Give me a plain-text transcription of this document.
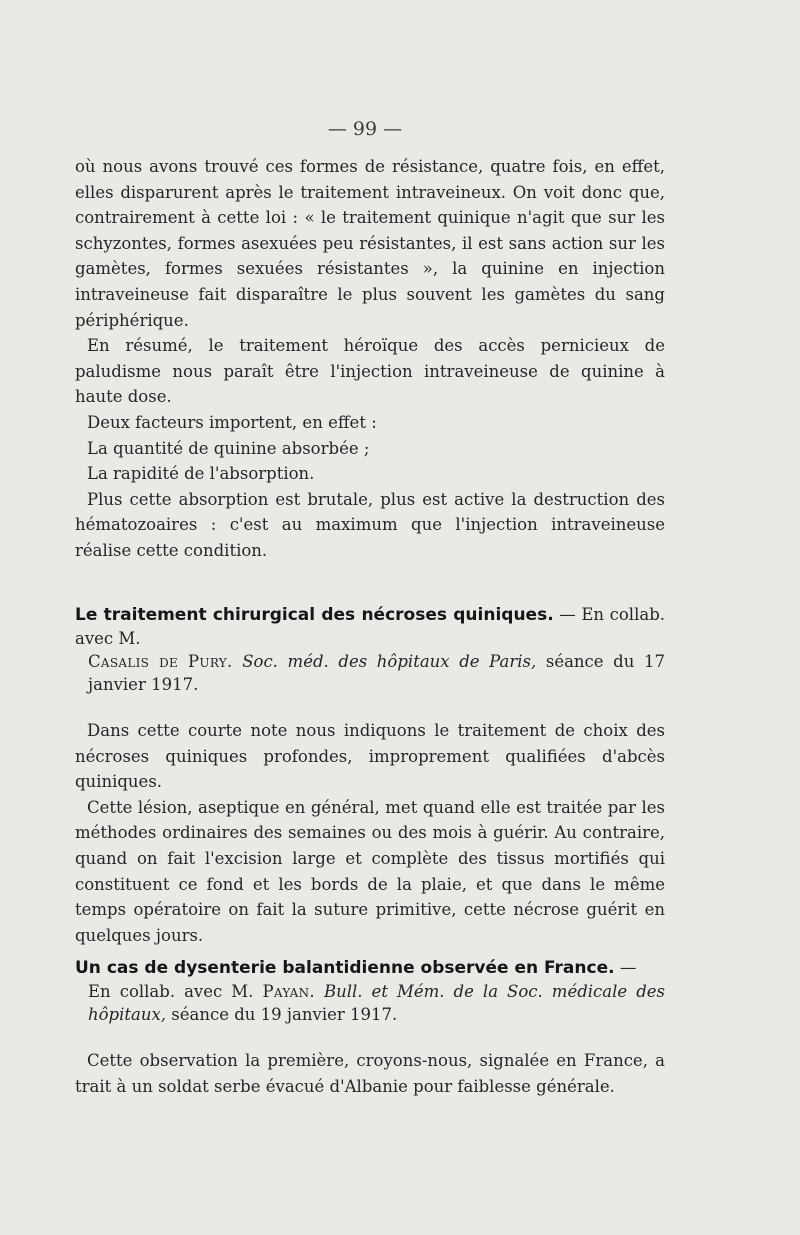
— 99 —

où nous avons trouvé ces formes de résistance, quatre fois, en effet, elles disparurent après le traitement intraveineux. On voit donc que, contrairement à cette loi : « le traitement quinique n'agit que sur les schyzontes, formes asexuées peu résistantes, il est sans action sur les gamètes, formes sexuées résistantes », la quinine en injection intraveineuse fait disparaître le plus souvent les gamètes du sang périphérique.

En résumé, le traitement héroïque des accès pernicieux de paludisme nous paraît être l'injection intraveineuse de quinine à haute dose.

Deux facteurs importent, en effet :

La quantité de quinine absorbée ;

La rapidité de l'absorption.

Plus cette absorption est brutale, plus est active la destruction des hématozoaires : c'est au maximum que l'injection intraveineuse réalise cette condition.

Le traitement chirurgical des nécroses quiniques. — En collab. avec M.
Casalis de Pury. Soc. méd. des hôpitaux de Paris, séance du 17 janvier 1917.

Dans cette courte note nous indiquons le traitement de choix des nécroses quiniques profondes, improprement qualifiées d'abcès quiniques.

Cette lésion, aseptique en général, met quand elle est traitée par les méthodes ordinaires des semaines ou des mois à guérir. Au contraire, quand on fait l'excision large et complète des tissus mortifiés qui constituent ce fond et les bords de la plaie, et que dans le même temps opératoire on fait la suture primitive, cette nécrose guérit en quelques jours.

Un cas de dysenterie balantidienne observée en France. —
En collab. avec M. Payan. Bull. et Mém. de la Soc. médicale des hôpitaux, séance du 19 janvier 1917.

Cette observation la première, croyons-nous, signalée en France, a trait à un soldat serbe évacué d'Albanie pour faiblesse générale.
